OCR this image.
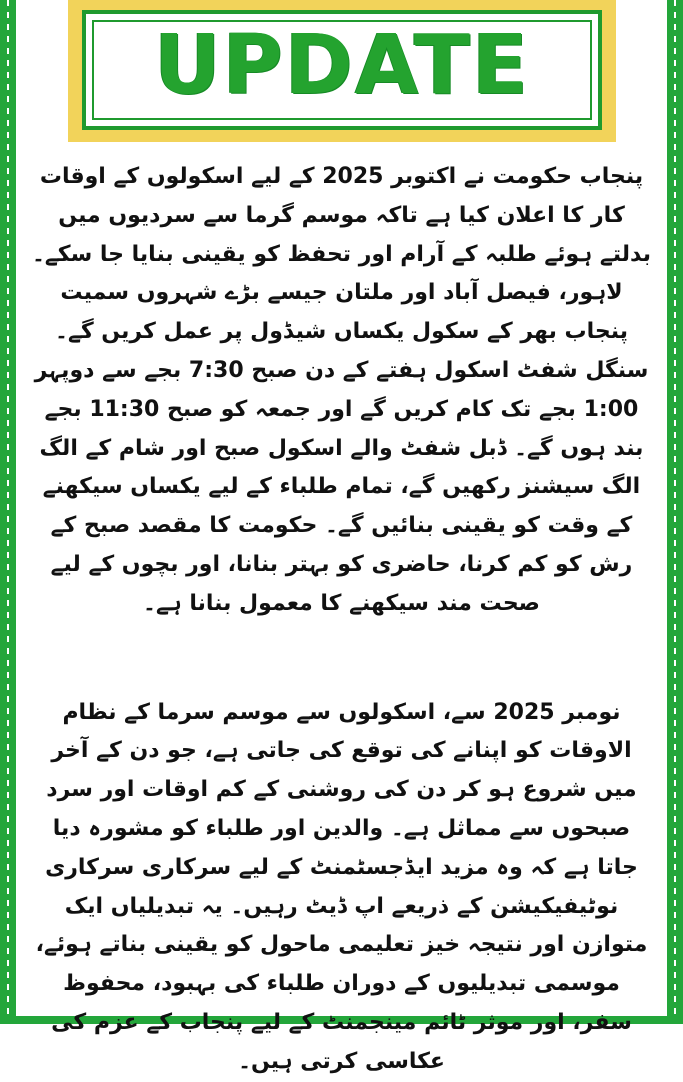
UPDATE

پنجاب حکومت نے اکتوبر 2025 کے لیے اسکولوں کے اوقات کار کا اعلان کیا ہے تاکہ موسم گرما سے سردیوں میں بدلتے ہوئے طلبہ کے آرام اور تحفظ کو یقینی بنایا جا سکے۔ لاہور، فیصل آباد اور ملتان جیسے بڑے شہروں سمیت پنجاب بھر کے سکول یکساں شیڈول پر عمل کریں گے۔ سنگل شفٹ اسکول ہفتے کے دن صبح 7:30 بجے سے دوپہر 1:00 بجے تک کام کریں گے اور جمعہ کو صبح 11:30 بجے بند ہوں گے۔ ڈبل شفٹ والے اسکول صبح اور شام کے الگ الگ سیشنز رکھیں گے، تمام طلباء کے لیے یکساں سیکھنے کے وقت کو یقینی بنائیں گے۔ حکومت کا مقصد صبح کے رش کو کم کرنا، حاضری کو بہتر بنانا، اور بچوں کے لیے صحت مند سیکھنے کا معمول بنانا ہے۔

نومبر 2025 سے، اسکولوں سے موسم سرما کے نظام الاوقات کو اپنانے کی توقع کی جاتی ہے، جو دن کے آخر میں شروع ہو کر دن کی روشنی کے کم اوقات اور سرد صبحوں سے مماثل ہے۔ والدین اور طلباء کو مشورہ دیا جاتا ہے کہ وہ مزید ایڈجسٹمنٹ کے لیے سرکاری سرکاری نوٹیفیکیشن کے ذریعے اپ ڈیٹ رہیں۔ یہ تبدیلیاں ایک متوازن اور نتیجہ خیز تعلیمی ماحول کو یقینی بناتے ہوئے، موسمی تبدیلیوں کے دوران طلباء کی بہبود، محفوظ سفر، اور موثر ٹائم مینجمنٹ کے لیے پنجاب کے عزم کی عکاسی کرتی ہیں۔
